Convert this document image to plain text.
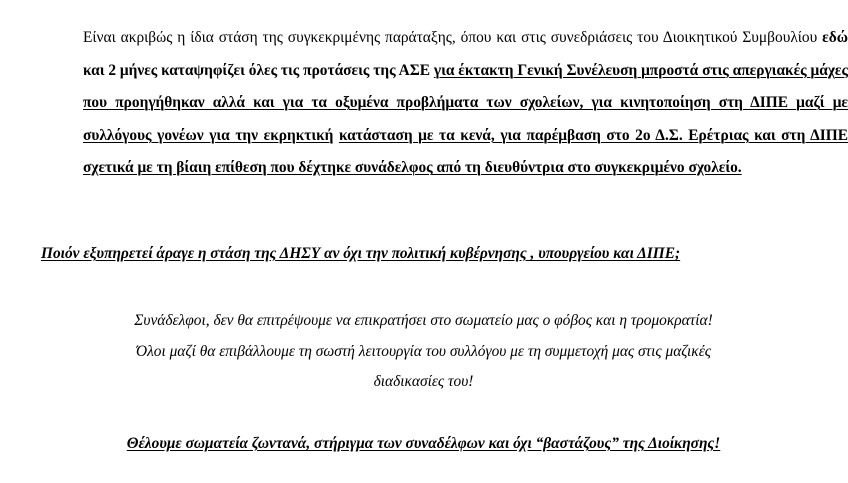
Είναι ακριβώς η ίδια στάση της συγκεκριμένης παράταξης, όπου και στις συνεδριάσεις του Διοικητικού Συμβουλίου εδώ και 2 μήνες καταψηφίζει όλες τις προτάσεις της ΑΣΕ για έκτακτη Γενική Συνέλευση μπροστά στις απεργιακές μάχες που προηγήθηκαν αλλά και για τα οξυμένα προβλήματα των σχολείων, για κινητοποίηση στη ΔΙΠΕ μαζί με συλλόγους γονέων για την εκρηκτική κατάσταση με τα κενά, για παρέμβαση στο 2ο Δ.Σ. Ερέτριας και στη ΔΙΠΕ σχετικά με τη βίαιη επίθεση που δέχτηκε συνάδελφος από τη διευθύντρια στο συγκεκριμένο σχολείο.

Ποιόν εξυπηρετεί άραγε η στάση της ΔΗΣΥ αν όχι την πολιτική κυβέρνησης , υπουργείου και ΔΙΠΕ;

Συνάδελφοι, δεν θα επιτρέψουμε να επικρατήσει στο σωματείο μας ο φόβος και η τρομοκρατία!
Όλοι μαζί θα επιβάλλουμε τη σωστή λειτουργία του συλλόγου με τη συμμετοχή μας στις μαζικές
διαδικασίες του!

Θέλουμε σωματεία ζωντανά, στήριγμα των συναδέλφων και όχι “βαστάζους” της Διοίκησης!
